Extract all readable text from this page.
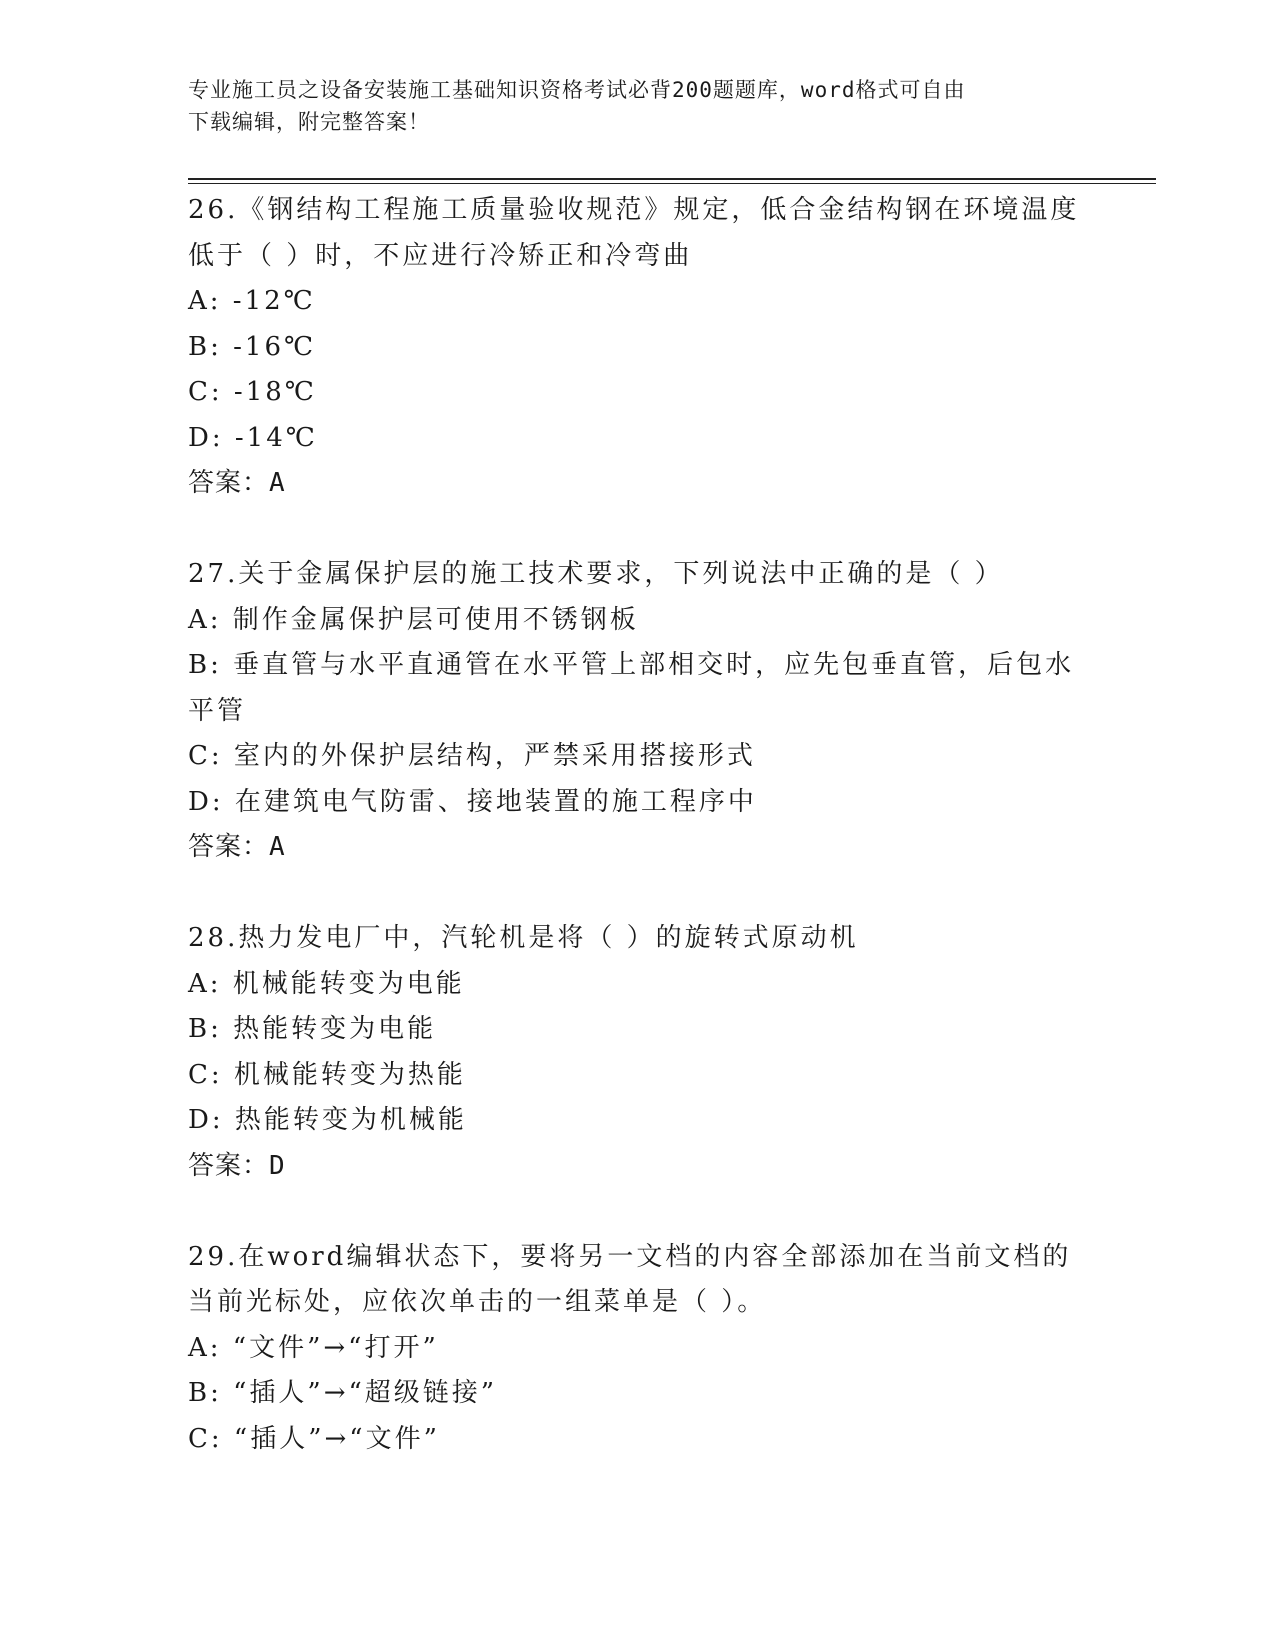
专业施工员之设备安装施工基础知识资格考试必背200题题库，word格式可自由
下载编辑，附完整答案！
26.《钢结构工程施工质量验收规范》规定，低合金结构钢在环境温度
低于（ ）时，不应进行冷矫正和冷弯曲
A: -12℃
B: -16℃
C: -18℃
D: -14℃
答案：A
27.关于金属保护层的施工技术要求，下列说法中正确的是（ ）
A: 制作金属保护层可使用不锈钢板
B: 垂直管与水平直通管在水平管上部相交时，应先包垂直管，后包水
平管
C: 室内的外保护层结构，严禁采用搭接形式
D: 在建筑电气防雷、接地装置的施工程序中
答案：A
28.热力发电厂中，汽轮机是将（ ）的旋转式原动机
A: 机械能转变为电能
B: 热能转变为电能
C: 机械能转变为热能
D: 热能转变为机械能
答案：D
29.在word编辑状态下，要将另一文档的内容全部添加在当前文档的
当前光标处，应依次单击的一组菜单是（ ）。
A: “文件”→“打开”
B: “插人”→“超级链接”
C: “插人”→“文件”
